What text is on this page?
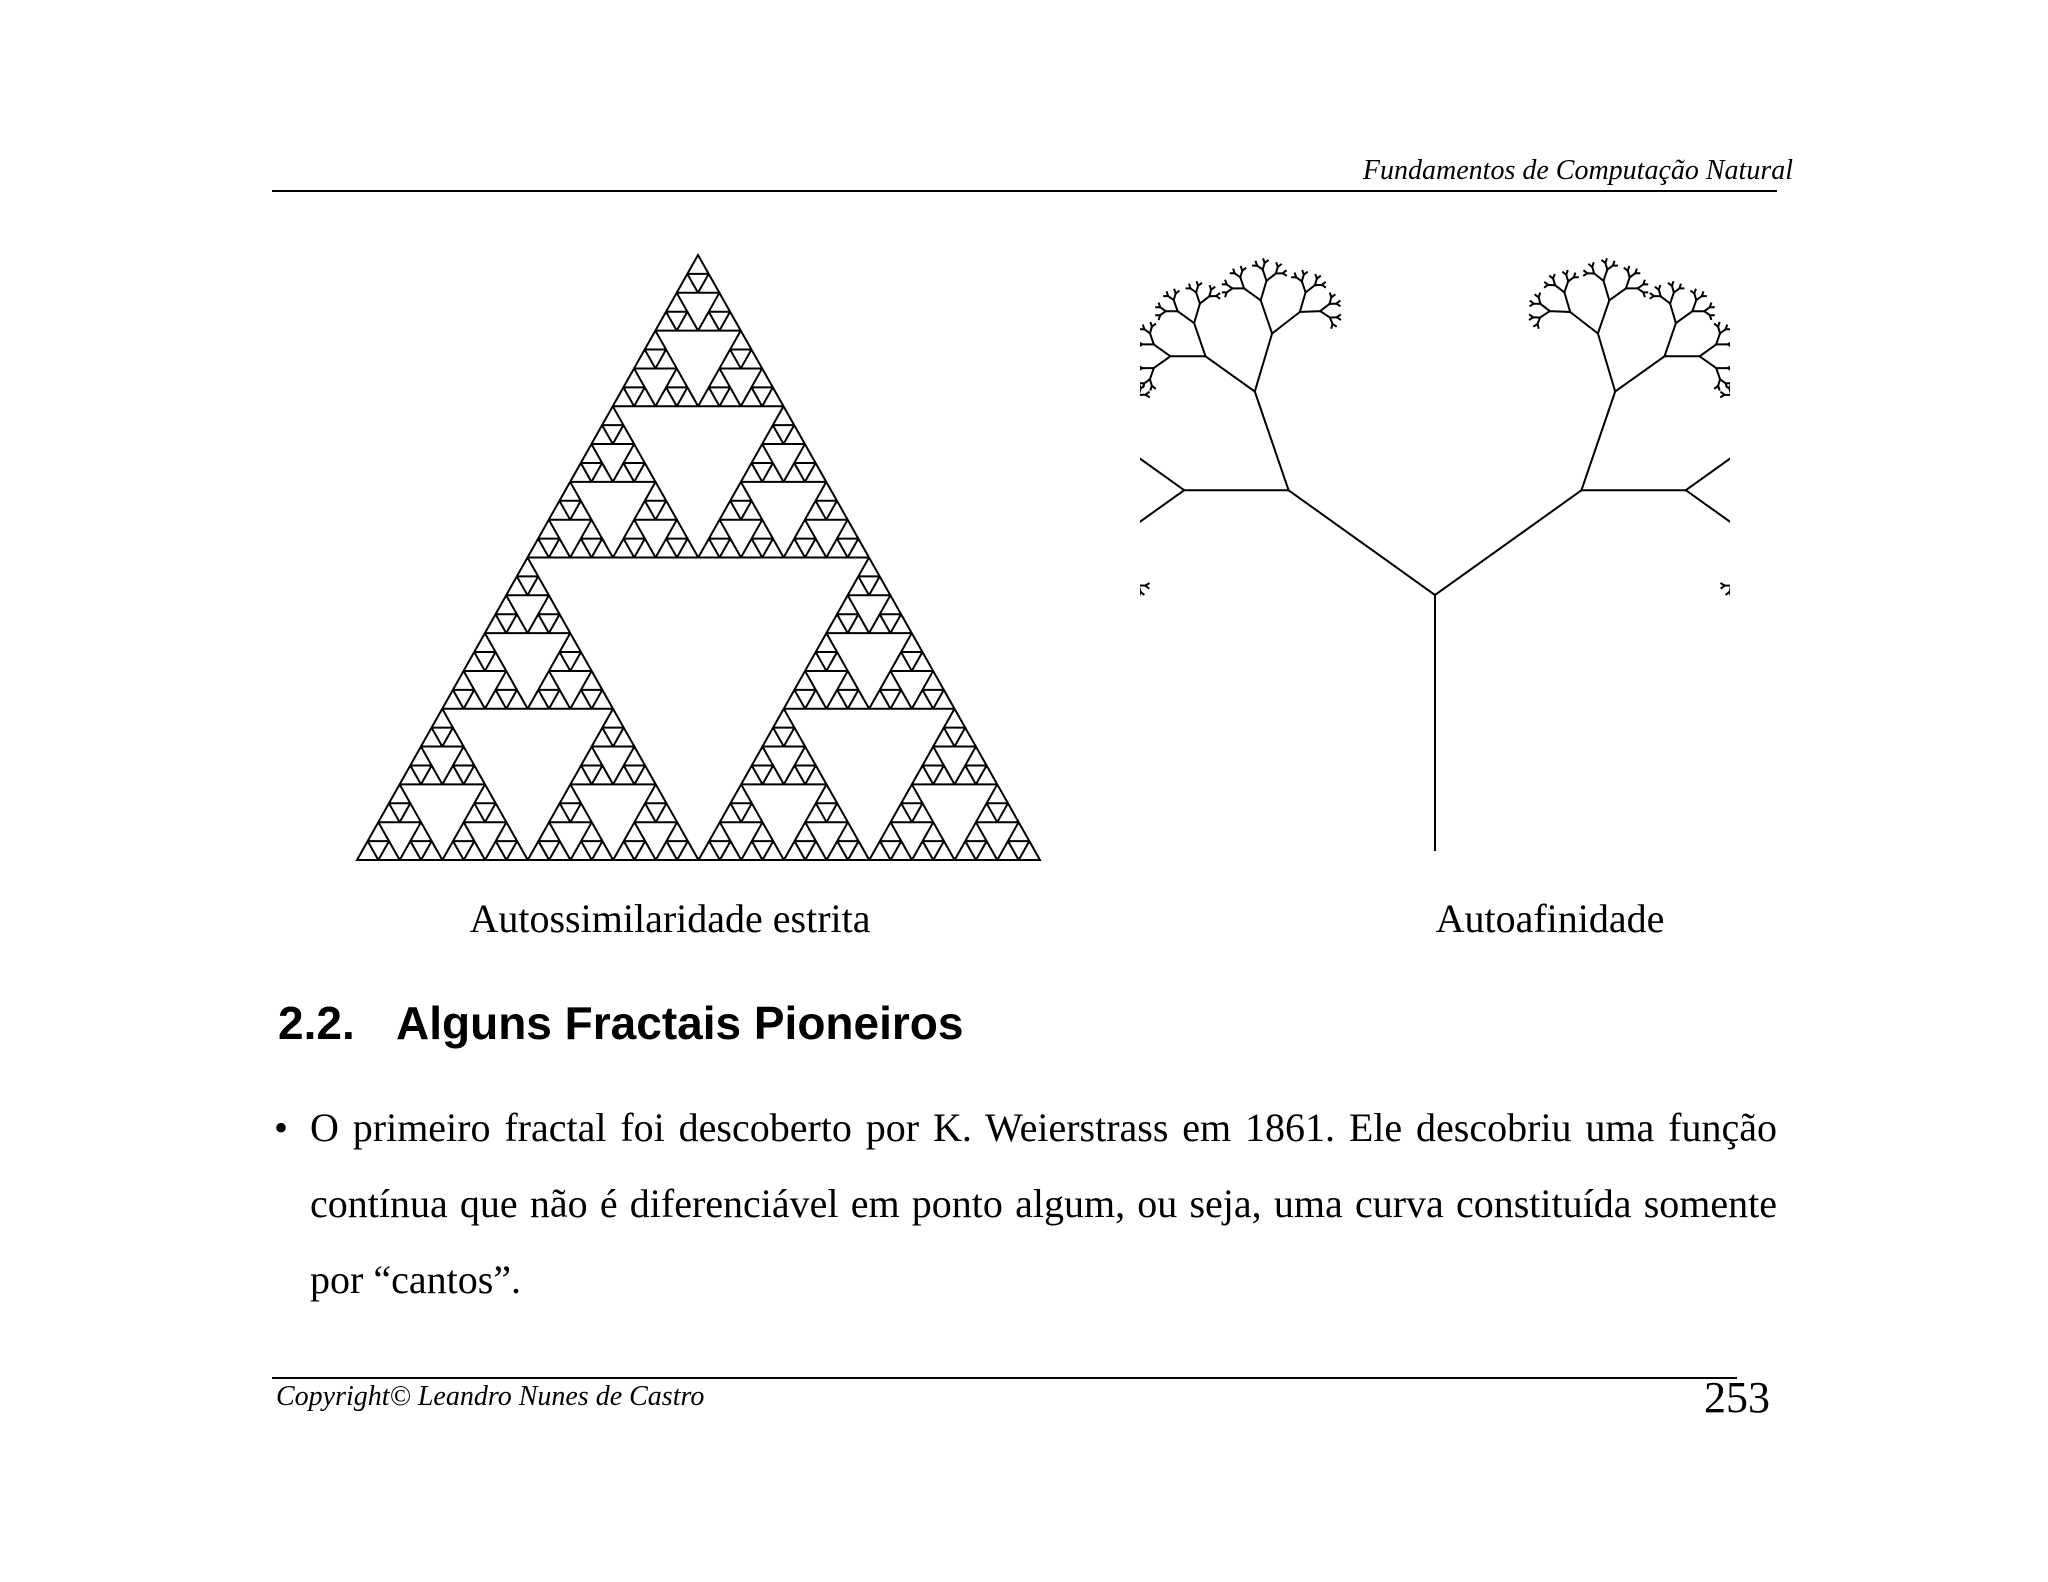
Fundamentos de Computação Natural
Autossimilaridade estrita	Autoafinidade
2.2. Alguns Fractais Pioneiros
• O primeiro fractal foi descoberto por K. Weierstrass em 1861. Ele descobriu uma função contínua que não é diferenciável em ponto algum, ou seja, uma curva constituída somente por “cantos”.
Copyright© Leandro Nunes de Castro	253
